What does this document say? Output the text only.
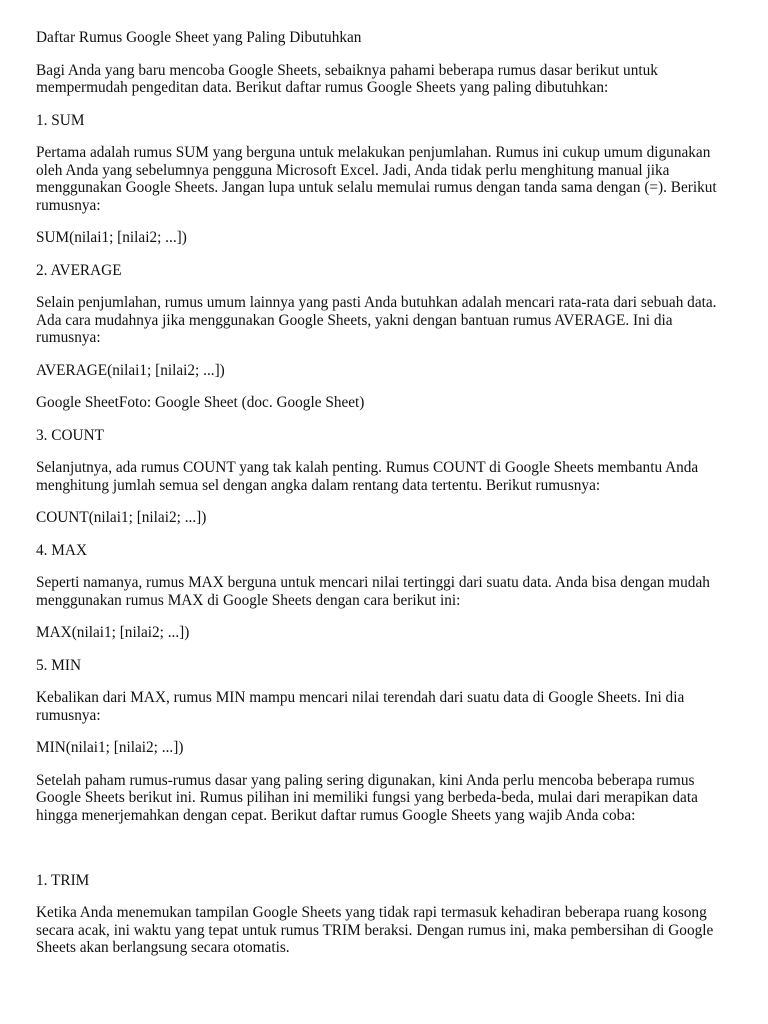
Daftar Rumus Google Sheet yang Paling Dibutuhkan

Bagi Anda yang baru mencoba Google Sheets, sebaiknya pahami beberapa rumus dasar berikut untuk mempermudah pengeditan data. Berikut daftar rumus Google Sheets yang paling dibutuhkan:

1. SUM

Pertama adalah rumus SUM yang berguna untuk melakukan penjumlahan. Rumus ini cukup umum digunakan oleh Anda yang sebelumnya pengguna Microsoft Excel. Jadi, Anda tidak perlu menghitung manual jika menggunakan Google Sheets. Jangan lupa untuk selalu memulai rumus dengan tanda sama dengan (=). Berikut rumusnya:

SUM(nilai1; [nilai2; ...])

2. AVERAGE

Selain penjumlahan, rumus umum lainnya yang pasti Anda butuhkan adalah mencari rata-rata dari sebuah data. Ada cara mudahnya jika menggunakan Google Sheets, yakni dengan bantuan rumus AVERAGE. Ini dia rumusnya:

AVERAGE(nilai1; [nilai2; ...])

Google SheetFoto: Google Sheet (doc. Google Sheet)

3. COUNT

Selanjutnya, ada rumus COUNT yang tak kalah penting. Rumus COUNT di Google Sheets membantu Anda menghitung jumlah semua sel dengan angka dalam rentang data tertentu. Berikut rumusnya:

COUNT(nilai1; [nilai2; ...])

4. MAX

Seperti namanya, rumus MAX berguna untuk mencari nilai tertinggi dari suatu data. Anda bisa dengan mudah menggunakan rumus MAX di Google Sheets dengan cara berikut ini:

MAX(nilai1; [nilai2; ...])

5. MIN

Kebalikan dari MAX, rumus MIN mampu mencari nilai terendah dari suatu data di Google Sheets. Ini dia rumusnya:

MIN(nilai1; [nilai2; ...])

Setelah paham rumus-rumus dasar yang paling sering digunakan, kini Anda perlu mencoba beberapa rumus Google Sheets berikut ini. Rumus pilihan ini memiliki fungsi yang berbeda-beda, mulai dari merapikan data hingga menerjemahkan dengan cepat. Berikut daftar rumus Google Sheets yang wajib Anda coba:

1. TRIM

Ketika Anda menemukan tampilan Google Sheets yang tidak rapi termasuk kehadiran beberapa ruang kosong secara acak, ini waktu yang tepat untuk rumus TRIM beraksi. Dengan rumus ini, maka pembersihan di Google Sheets akan berlangsung secara otomatis.
